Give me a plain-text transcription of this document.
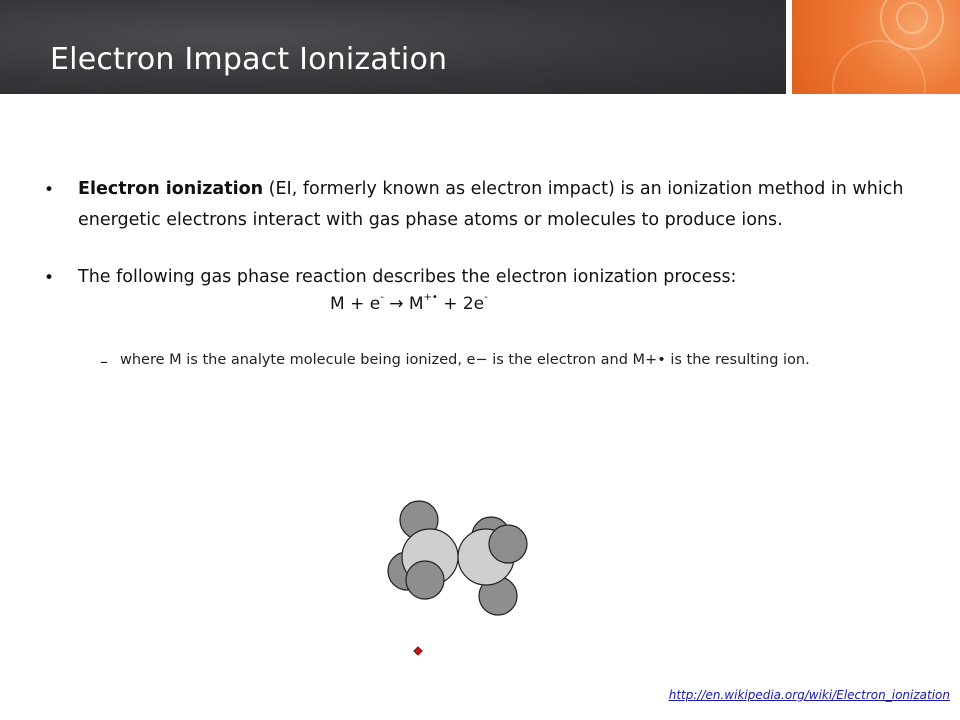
Electron Impact Ionization
• Electron ionization (EI, formerly known as electron impact) is an ionization method in which energetic electrons interact with gas phase atoms or molecules to produce ions.
• The following gas phase reaction describes the electron ionization process:
M + e- → M+• + 2e-
– where M is the analyte molecule being ionized, e− is the electron and M+• is the resulting ion.
http://en.wikipedia.org/wiki/Electron_ionization
